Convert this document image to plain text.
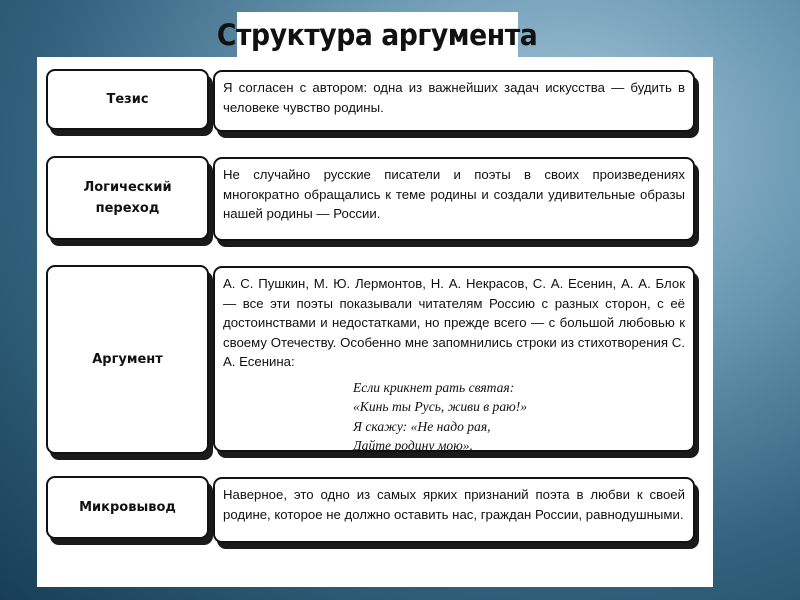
Структура аргумента
Тезис
Я согласен с автором: одна из важнейших задач искусства — будить в человеке чувство родины.
Логический переход
Не случайно русские писатели и поэты в своих произведениях многократно обращались к теме родины и создали удивительные образы нашей родины — России.
Аргумент
А. С. Пушкин, М. Ю. Лермонтов, Н. А. Некрасов, С. А. Есенин, А. А. Блок — все эти поэты показывали читателям Россию с разных сторон, с её достоинствами и недостатками, но прежде всего — с большой любовью к своему Отечеству. Особенно мне запомнились строки из стихотворения С. А. Есенина:
Если крикнет рать святая:
«Кинь ты Русь, живи в раю!»
Я скажу: «Не надо рая,
Дайте родину мою».
Микровывод
Наверное, это одно из самых ярких признаний поэта в любви к своей родине, которое не должно оставить нас, граждан России, равнодушными.
